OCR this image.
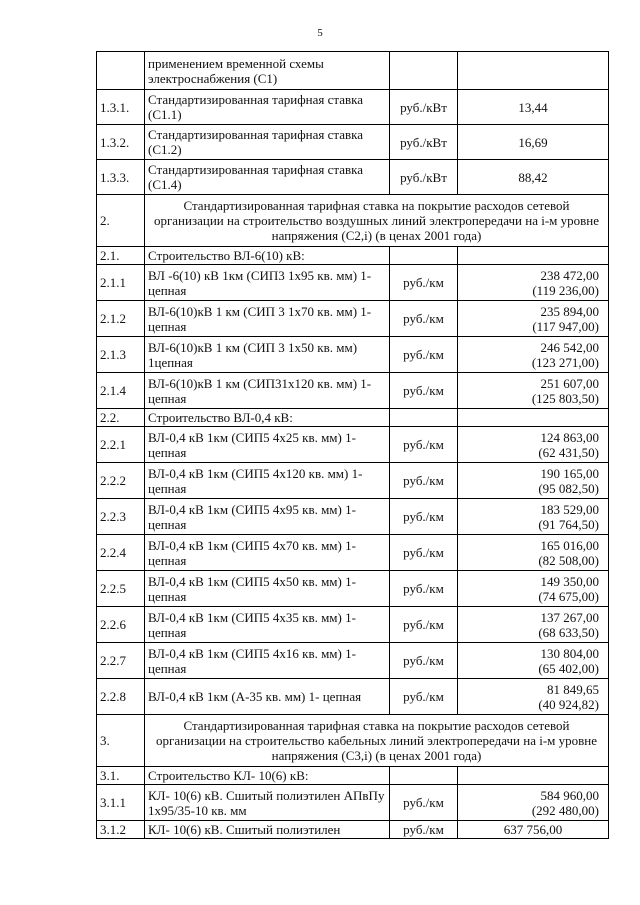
5
	применением временной схемы электроснабжения (С1)		
1.3.1.	Стандартизированная тарифная ставка (С1.1)	руб./кВт	13,44

1.3.2.	Стандартизированная тарифная ставка (С1.2)	руб./кВт	16,69

1.3.3.	Стандартизированная тарифная ставка (С1.4)	руб./кВт	88,42

2.	Стандартизированная тарифная ставка на покрытие расходов сетевой организации на строительство воздушных линий электропередачи на i-м уровне напряжения (С2,i) (в ценах 2001 года)		
2.1.	Строительство ВЛ-6(10) кВ:		
2.1.1	ВЛ -6(10) кВ 1км (СИП3 1х95 кв. мм) 1-цепная	руб./км	238 472,00
(119 236,00)

2.1.2	ВЛ-6(10)кВ 1 км (СИП 3 1х70 кв. мм) 1-цепная	руб./км	235 894,00
(117 947,00)

2.1.3	ВЛ-6(10)кВ 1 км (СИП 3 1х50 кв. мм) 1цепная	руб./км	246 542,00
(123 271,00)

2.1.4	ВЛ-6(10)кВ 1 км (СИП31х120 кв. мм) 1-цепная	руб./км	251 607,00
(125 803,50)

2.2.	Строительство ВЛ-0,4 кВ:		
2.2.1	ВЛ-0,4 кВ 1км (СИП5 4х25 кв. мм) 1- цепная	руб./км	124 863,00
(62 431,50)

2.2.2	ВЛ-0,4 кВ 1км (СИП5 4х120 кв. мм) 1- цепная	руб./км	190 165,00
(95 082,50)

2.2.3	ВЛ-0,4 кВ 1км (СИП5 4х95 кв. мм) 1- цепная	руб./км	183 529,00
(91 764,50)

2.2.4	ВЛ-0,4 кВ 1км (СИП5 4х70 кв. мм) 1- цепная	руб./км	165 016,00
(82 508,00)

2.2.5	ВЛ-0,4 кВ 1км (СИП5 4х50 кв. мм) 1- цепная	руб./км	149 350,00
(74 675,00)

2.2.6	ВЛ-0,4 кВ 1км (СИП5 4х35 кв. мм) 1- цепная	руб./км	137 267,00
(68 633,50)

2.2.7	ВЛ-0,4 кВ 1км (СИП5 4х16 кв. мм) 1- цепная	руб./км	130 804,00
(65 402,00)

2.2.8	ВЛ-0,4 кВ 1км (А-35 кв. мм) 1- цепная	руб./км	81 849,65
(40 924,82)

3.	Стандартизированная тарифная ставка на покрытие расходов сетевой организации на строительство кабельных линий электропередачи на i-м уровне напряжения (С3,i) (в ценах 2001 года)		
3.1.	Строительство КЛ- 10(6) кВ:		
3.1.1	КЛ- 10(6) кВ. Сшитый полиэтилен АПвПу 1х95/35-10 кв. мм	руб./км	584 960,00
(292 480,00)

3.1.2	КЛ- 10(6) кВ. Сшитый полиэтилен	руб./км	637 756,00
